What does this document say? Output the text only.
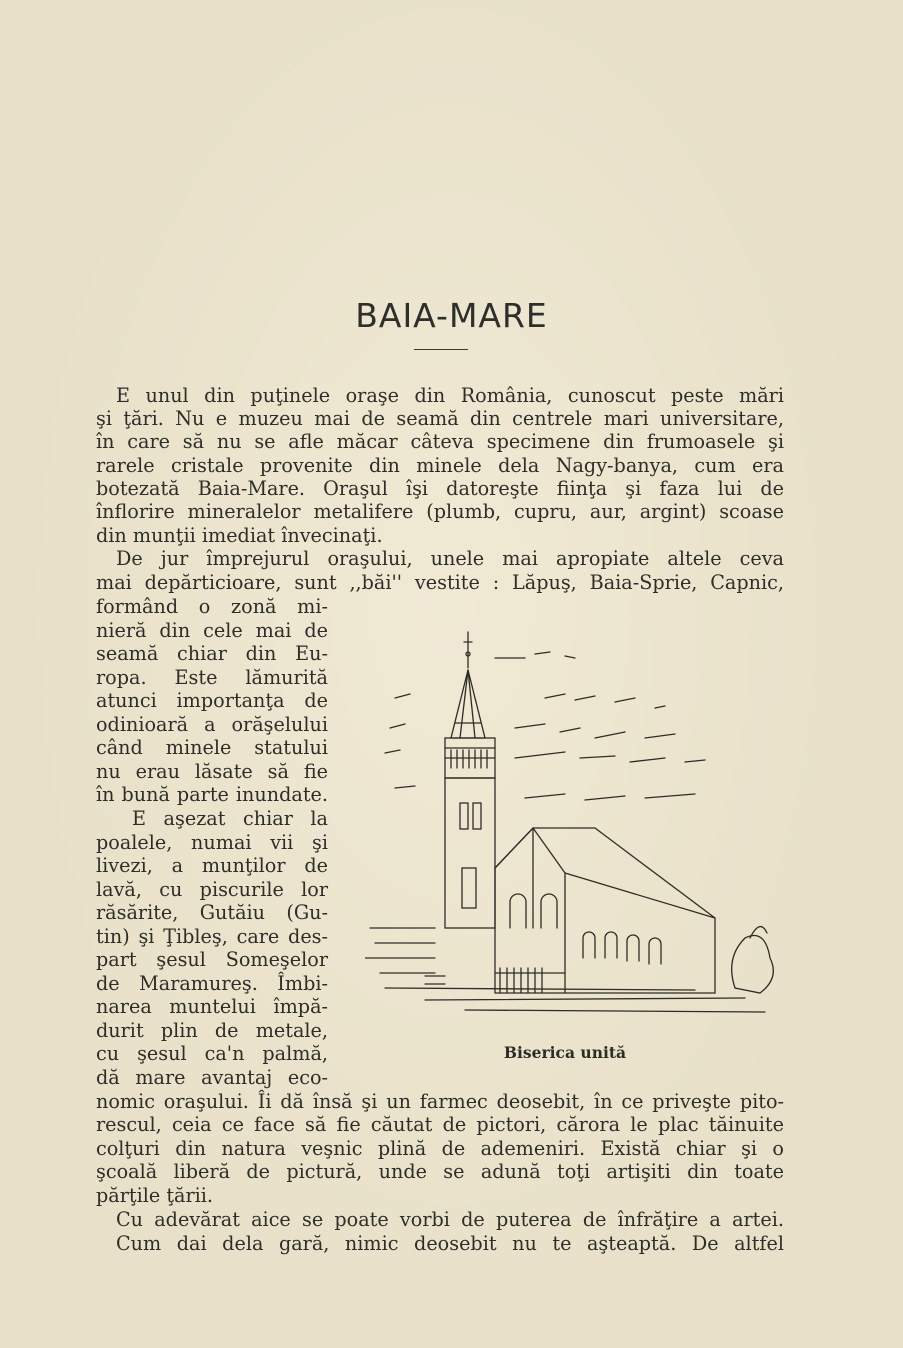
BAIA-MARE
E unul din puţinele oraşe din România, cunoscut peste mări
şi ţări. Nu e muzeu mai de seamă din centrele mari universitare,
în care să nu se afle măcar câteva specimene din frumoasele şi
rarele cristale provenite din minele dela Nagy-banya, cum era
botezată Baia-Mare. Oraşul îşi datoreşte fiinţa şi faza lui de
înflorire mineralelor metalifere (plumb, cupru, aur, argint) scoase
din munţii imediat învecinaţi.
De jur împrejurul oraşului, unele mai apropiate altele ceva
mai depărticioare, sunt ,,băi'' vestite : Lăpuş, Baia-Sprie, Capnic,
formând o zonă mi-
nieră din cele mai de
seamă chiar din Eu-
ropa. Este lămurită
atunci importanţa de
odinioară a orăşelului
când minele statului
nu erau lăsate să fie
în bună parte inundate.
E aşezat chiar la
poalele, numai vii şi
livezi, a munţilor de
lavă, cu piscurile lor
răsărite, Gutăiu (Gu-
tin) şi Ţibleş, care des-
part şesul Someşelor
de Maramureş. Îmbi-
narea muntelui împă-
durit plin de metale,
cu şesul ca'n palmă,
dă mare avantaj eco-
nomic oraşului. Îi dă însă şi un farmec deosebit, în ce priveşte pito-
rescul, ceia ce face să fie căutat de pictori, cărora le plac tăinuite
colţuri din natura veşnic plină de ademeniri. Există chiar şi o
şcoală liberă de pictură, unde se adună toţi artişiti din toate
părţile ţării.
Cu adevărat aice se poate vorbi de puterea de înfrăţire a artei.
Cum dai dela gară, nimic deosebit nu te aşteaptă. De altfel
Biserica unită
